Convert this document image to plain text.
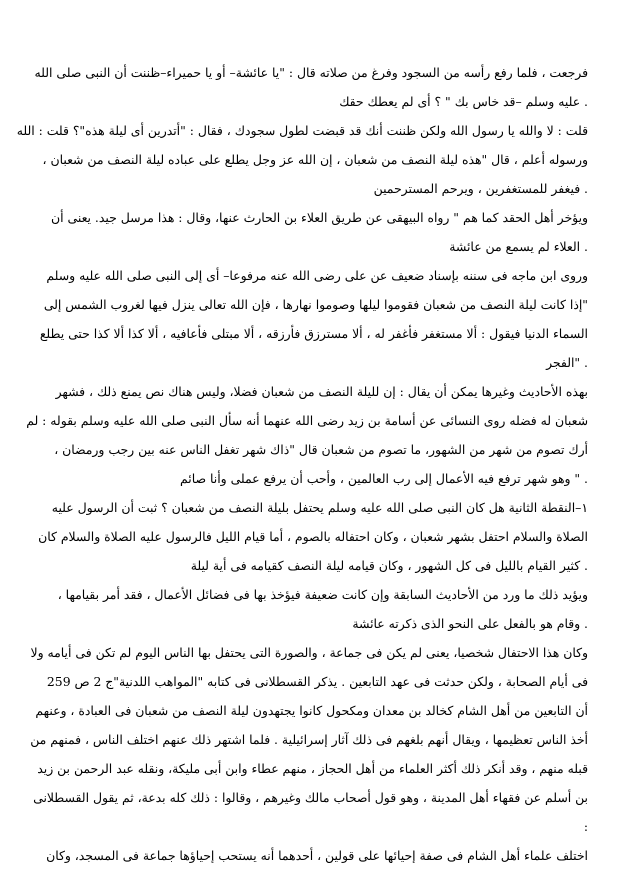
فرجعت ، فلما رفع رأسه من السجود وفرغ من صلاته قال : "يا عائشة– أو يا حميراء–ظننت أن النبى صلى الله
. عليه وسلم –قد خاس بك " ؟ أى لم يعطك حقك
قلت : لا والله يا رسول الله ولكن ظننت أنك قد قبضت لطول سجودك ، فقال : "أتدرين أى ليلة هذه"؟ قلت : الله
ورسوله أعلم ، قال "هذه ليلة النصف من شعبان ، إن الله عز وجل يطلع على عباده ليلة النصف من شعبان ،
. فيغفر للمستغفرين ، ويرحم المسترحمين
ويؤخر أهل الحقد كما هم " رواه البيهقى عن طريق العلاء بن الحارث عنها، وقال : هذا مرسل جيد. يعنى أن
. العلاء لم يسمع من عائشة
وروى ابن ماجه فى سننه بإسناد ضعيف عن على رضى الله عنه مرفوعا– أى إلى النبى صلى الله عليه وسلم
"إذا كانت ليلة النصف من شعبان فقوموا ليلها وصوموا نهارها ، فإن الله تعالى ينزل فيها لغروب الشمس إلى
السماء الدنيا فيقول : ألا مستغفر فأغفر له ، ألا مسترزق فأرزقه ، ألا مبتلى فأعافيه ، ألا كذا ألا كذا حتى يطلع
. "الفجر
بهذه الأحاديث وغيرها يمكن أن يقال : إن لليلة النصف من شعبان فضلا، وليس هناك نص يمنع ذلك ، فشهر
شعبان له فضله روى النسائى عن أسامة بن زيد رضى الله عنهما أنه سأل النبى صلى الله عليه وسلم بقوله : لم
أرك تصوم من شهر من الشهور، ما تصوم من شعبان قال "ذاك شهر تغفل الناس عنه بين رجب ورمضان ،
. " وهو شهر ترفع فيه الأعمال إلى رب العالمين ، وأحب أن يرفع عملى وأنا صائم
١–النقطة الثانية هل كان النبى صلى الله عليه وسلم يحتفل بليلة النصف من شعبان ؟ ثبت أن الرسول عليه
الصلاة والسلام احتفل بشهر شعبان ، وكان احتفاله بالصوم ، أما قيام الليل فالرسول عليه الصلاة والسلام كان
. كثير القيام بالليل فى كل الشهور ، وكان قيامه ليلة النصف كقيامه فى أية ليلة
ويؤيد ذلك ما ورد من الأحاديث السابقة وإن كانت ضعيفة فيؤخذ بها فى فضائل الأعمال ، فقد أمر بقيامها ،
. وقام هو بالفعل على النحو الذى ذكرته عائشة
وكان هذا الاحتفال شخصيا، يعنى لم يكن فى جماعة ، والصورة التى يحتفل بها الناس اليوم لم تكن فى أيامه ولا
فى أيام الصحابة ، ولكن حدثت فى عهد التابعين . يذكر القسطلانى فى كتابه "المواهب اللدنية"ج 2 ص 259
أن التابعين من أهل الشام كخالد بن معدان ومكحول كانوا يجتهدون ليلة النصف من شعبان فى العبادة ، وعنهم
أخذ الناس تعظيمها ، ويقال أنهم بلغهم فى ذلك آثار إسرائيلية . فلما اشتهر ذلك عنهم اختلف الناس ، فمنهم من
قبله منهم ، وقد أنكر ذلك أكثر العلماء من أهل الحجاز ، منهم عطاء وابن أبى مليكة، ونقله عبد الرحمن بن زيد
بن أسلم عن فقهاء أهل المدينة ، وهو قول أصحاب مالك وغيرهم ، وقالوا : ذلك كله بدعة، ثم يقول القسطلانى
:
اختلف علماء أهل الشام فى صفة إحيائها على قولين ، أحدهما أنه يستحب إحياؤها جماعة فى المسجد، وكان
